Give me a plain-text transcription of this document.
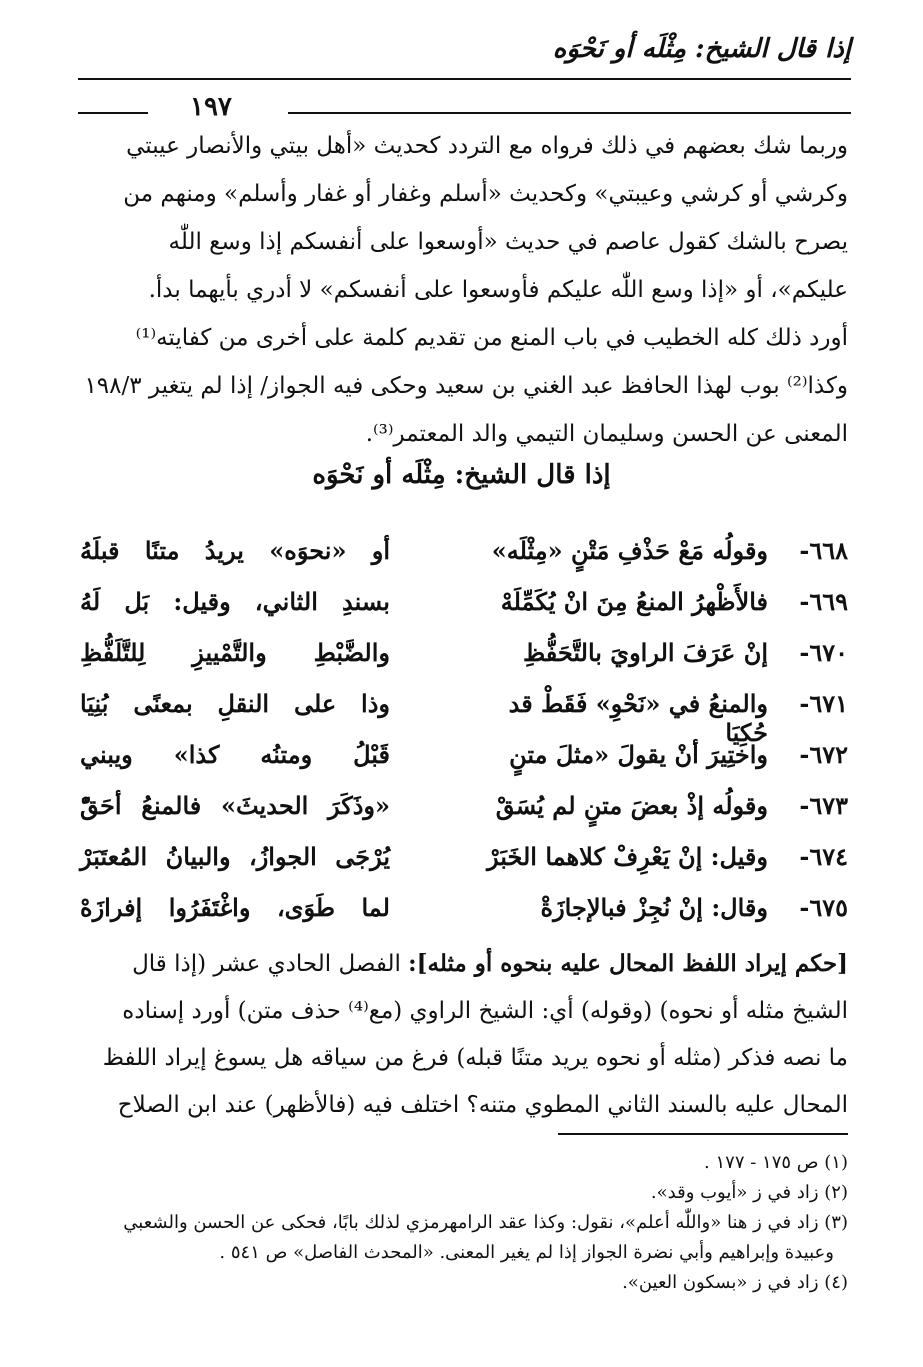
إذا قال الشيخ: مِثْلَه أو نَحْوَه
١٩٧

وربما شك بعضهم في ذلك فرواه مع التردد كحديث «أهل بيتي والأنصار عيبتي

وكرشي أو كرشي وعيبتي» وكحديث «أسلم وغفار أو غفار وأسلم» ومنهم من

يصرح بالشك كقول عاصم في حديث «أوسعوا على أنفسكم إذا وسع اللّٰه

عليكم»، أو «إذا وسع اللّٰه عليكم فأوسعوا على أنفسكم» لا أدري بأيهما بدأ.

أورد ذلك كله الخطيب في باب المنع من تقديم كلمة على أخرى من كفايته⁽¹⁾

وكذا⁽²⁾ بوب لهذا الحافظ عبد الغني بن سعيد وحكى فيه الجواز/ إذا لم يتغير ١٩٨/٣

المعنى عن الحسن وسليمان التيمي والد المعتمر⁽³⁾.

إذا قال الشيخ: مِثْلَه أو نَحْوَه
٦٦٨-
وقولُه مَعْ حَذْفِ مَتْنٍ «مِثْلَه»
أو «نحوَه» يريدُ متنًا قبلَهُ
٦٦٩-
فالأَظْهرُ المنعُ مِنَ انْ يُكَمِّلَهْ
بسندِ الثاني، وقيل: بَل لَهُ
٦٧٠-
إنْ عَرَفَ الراويَ بالتَّحَفُّظِ
والضَّبْطِ والتَّمْييزِ لِلتَّلَفُّظِ
٦٧١-
والمنعُ في «نَحْوِ» فَقَطْ قد حُكِيَا
وذا على النقلِ بمعنًى بُنِيَا
٦٧٢-
واختِيرَ أنْ يقولَ «مثلَ متنٍ
قَبْلُ ومتنُه كذا» ويبني
٦٧٣-
وقولُه إذْ بعضَ متنٍ لم يُسَقْ
«وذَكَرَ الحديثَ» فالمنعُ أحَقّْ
٦٧٤-
وقيل: إنْ يَعْرِفْ كلاهما الخَبَرْ
يُرْجَى الجوازُ، والبيانُ المُعتَبَرْ
٦٧٥-
وقال: إنْ نُجِزْ فبالإجازَةْ
لما طَوَى، واغْتَفَرُوا إفرازَهْ

[حكم إيراد اللفظ المحال عليه بنحوه أو مثله]: الفصل الحادي عشر (إذا قال

الشيخ مثله أو نحوه) (وقوله) أي: الشيخ الراوي (مع⁽⁴⁾ حذف متن) أورد إسناده

ما نصه فذكر (مثله أو نحوه يريد متنًا قبله) فرغ من سياقه هل يسوغ إيراد اللفظ

المحال عليه بالسند الثاني المطوي متنه؟ اختلف فيه (فالأظهر) عند ابن الصلاح

(١) ص ١٧٥ - ١٧٧ .

(٢) زاد في ز «أيوب وقد».

(٣) زاد في ز هنا «واللّٰه أعلم»، نقول: وكذا عقد الرامهرمزي لذلك بابًا، فحكى عن الحسن والشعبي

وعبيدة وإبراهيم وأبي نضرة الجواز إذا لم يغير المعنى. «المحدث الفاصل» ص ٥٤١ .

(٤) زاد في ز «بسكون العين».
